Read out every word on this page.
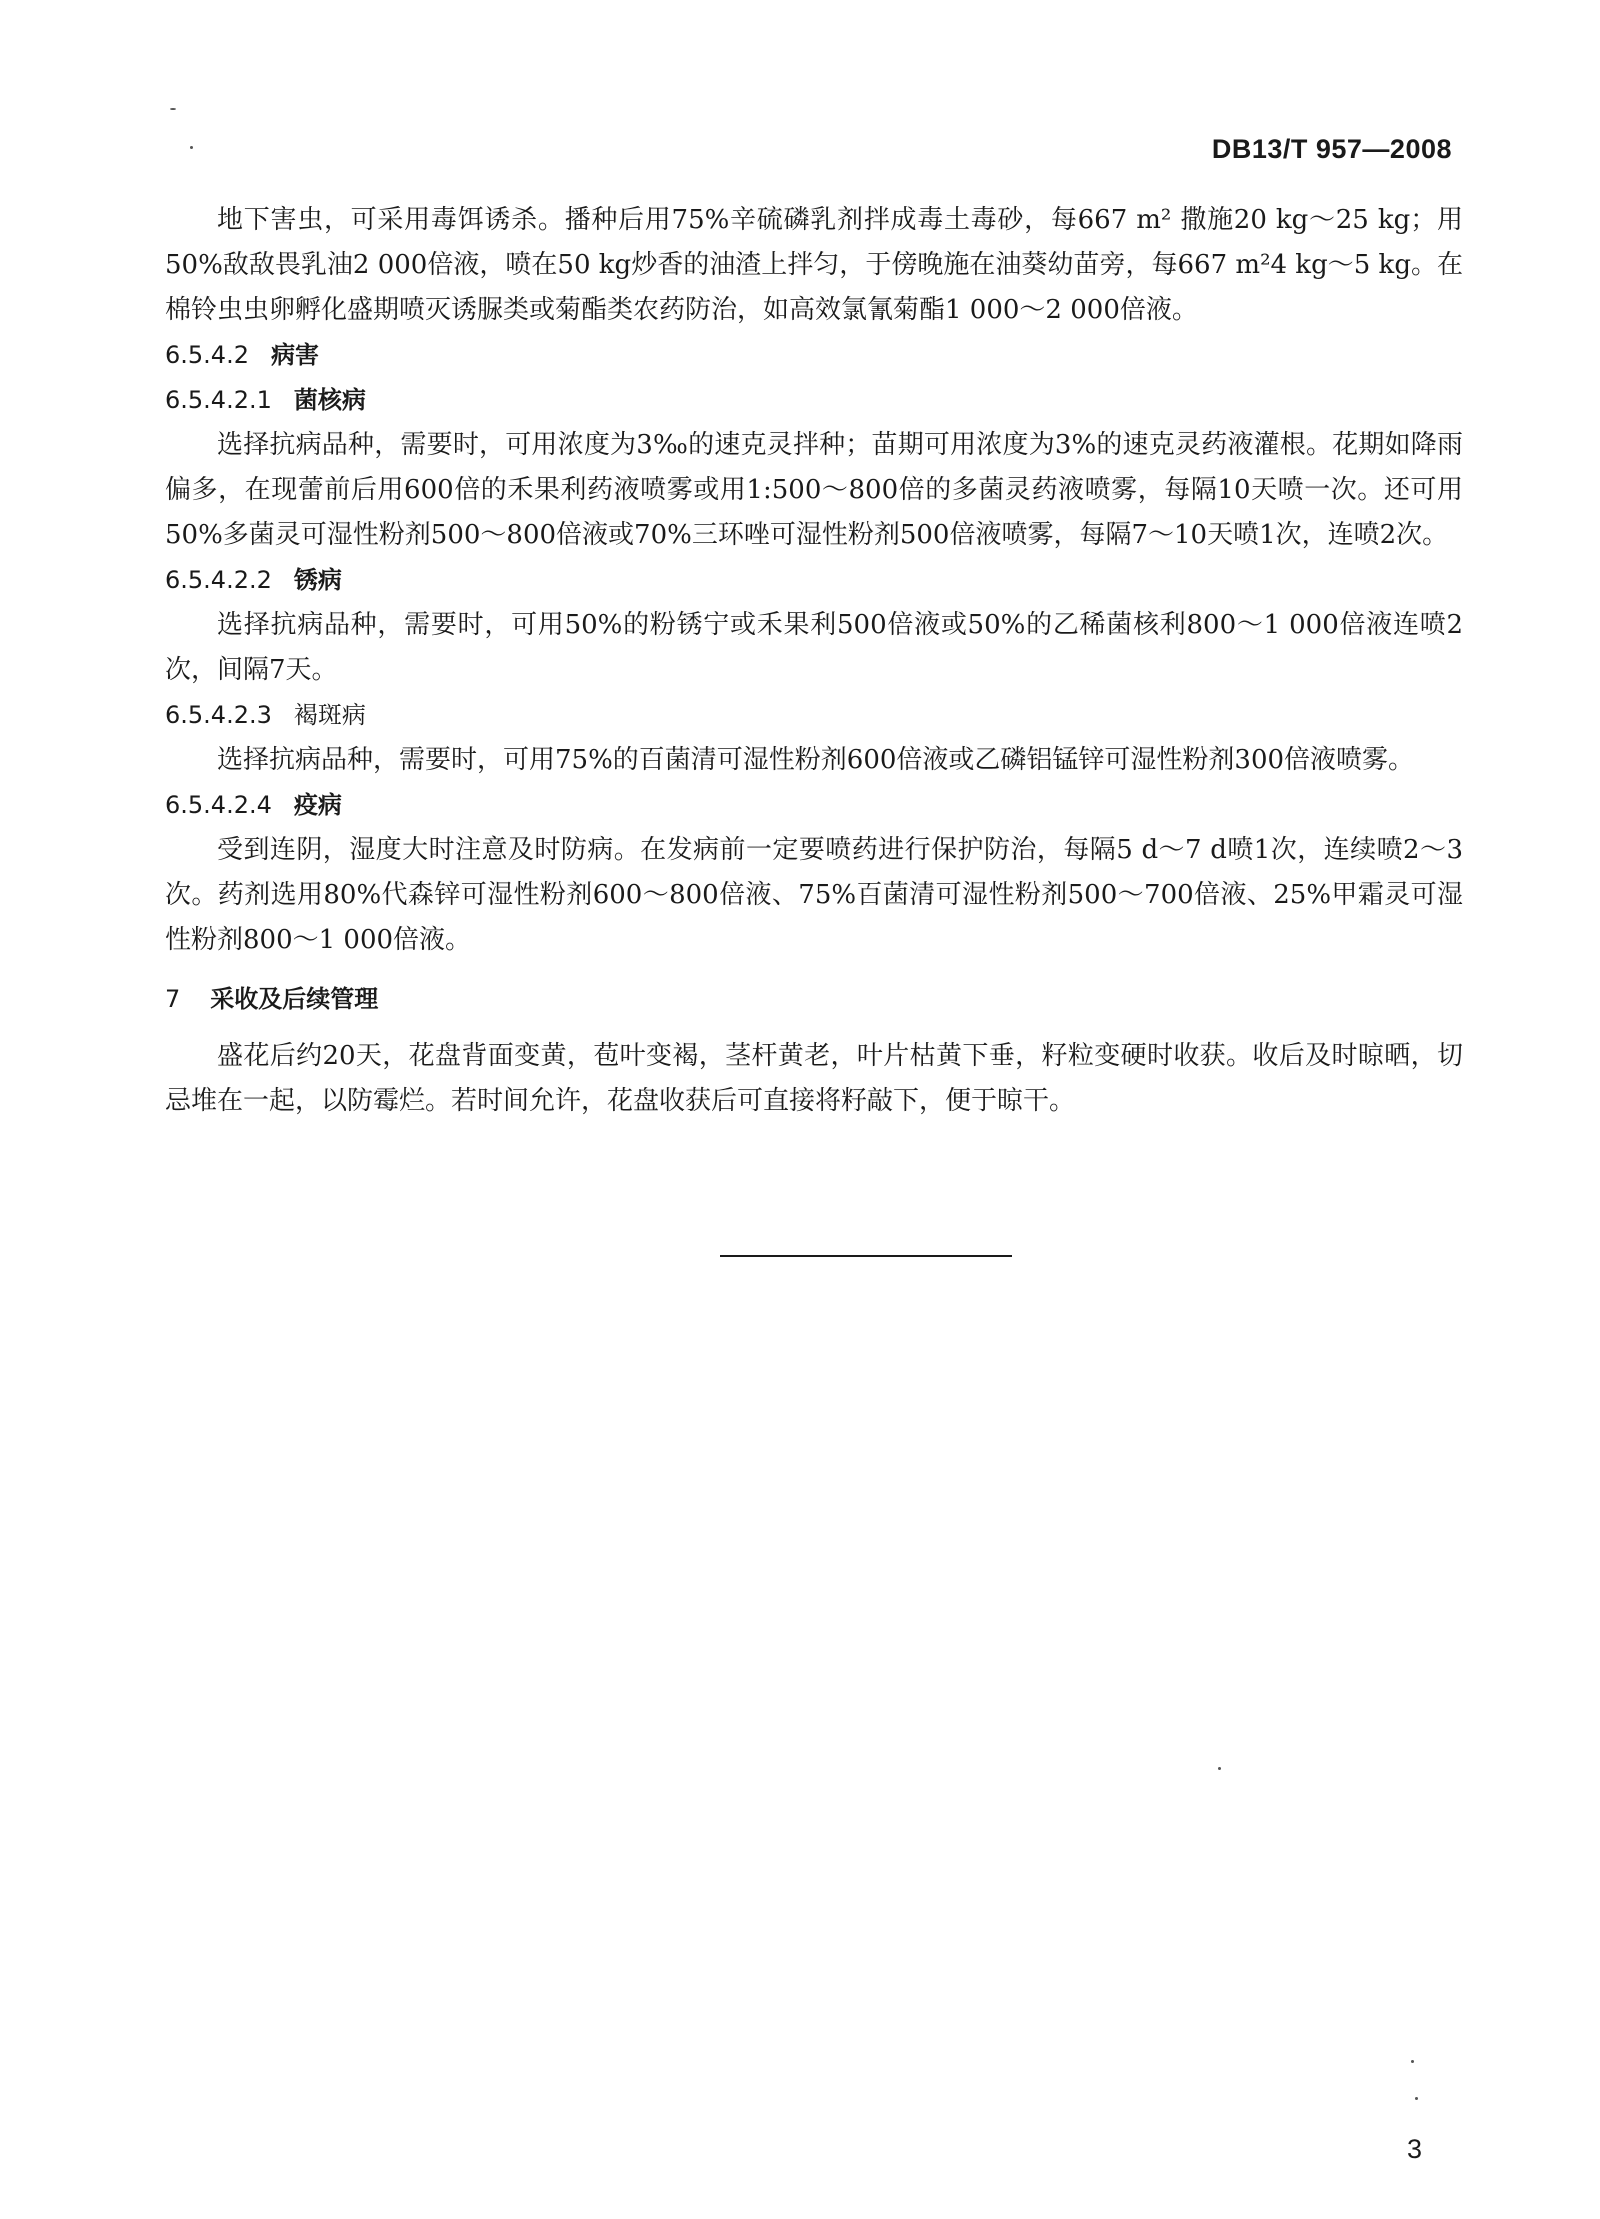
DB13/T 957—2008

地下害虫，可采用毒饵诱杀。播种后用75%辛硫磷乳剂拌成毒土毒砂，每667 m² 撒施20 kg～25 kg；用50%敌敌畏乳油2 000倍液，喷在50 kg炒香的油渣上拌匀，于傍晚施在油葵幼苗旁，每667 m²4 kg～5 kg。在棉铃虫虫卵孵化盛期喷灭诱脲类或菊酯类农药防治，如高效氯氰菊酯1 000～2 000倍液。

6.5.4.2 病害
6.5.4.2.1 菌核病

选择抗病品种，需要时，可用浓度为3‰的速克灵拌种；苗期可用浓度为3%的速克灵药液灌根。花期如降雨偏多，在现蕾前后用600倍的禾果利药液喷雾或用1:500～800倍的多菌灵药液喷雾，每隔10天喷一次。还可用50%多菌灵可湿性粉剂500～800倍液或70%三环唑可湿性粉剂500倍液喷雾，每隔7～10天喷1次，连喷2次。

6.5.4.2.2 锈病

选择抗病品种，需要时，可用50%的粉锈宁或禾果利500倍液或50%的乙稀菌核利800～1 000倍液连喷2次，间隔7天。

6.5.4.2.3 褐斑病

选择抗病品种，需要时，可用75%的百菌清可湿性粉剂600倍液或乙磷铝锰锌可湿性粉剂300倍液喷雾。

6.5.4.2.4 疫病

受到连阴，湿度大时注意及时防病。在发病前一定要喷药进行保护防治，每隔5 d～7 d喷1次，连续喷2～3次。药剂选用80%代森锌可湿性粉剂600～800倍液、75%百菌清可湿性粉剂500～700倍液、25%甲霜灵可湿性粉剂800～1 000倍液。

7 采收及后续管理

盛花后约20天，花盘背面变黄，苞叶变褐，茎杆黄老，叶片枯黄下垂，籽粒变硬时收获。收后及时晾晒，切忌堆在一起，以防霉烂。若时间允许，花盘收获后可直接将籽敲下，便于晾干。

3
